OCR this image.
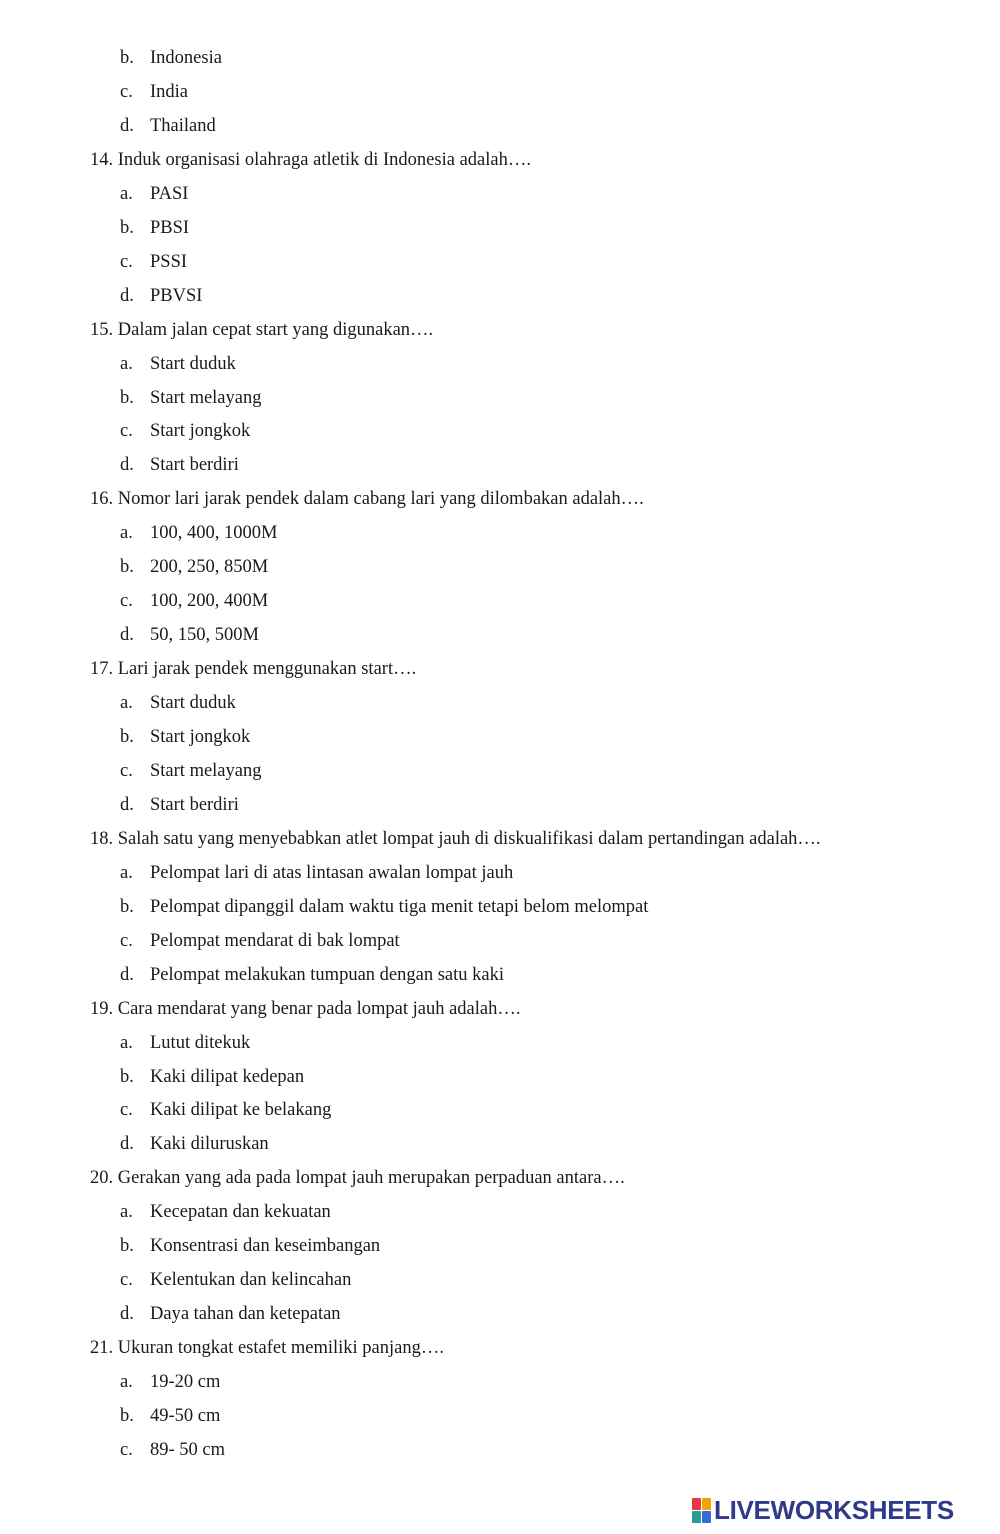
b. Indonesia
c. India
d. Thailand
14. Induk organisasi olahraga atletik di Indonesia adalah….
a. PASI
b. PBSI
c. PSSI
d. PBVSI
15. Dalam jalan cepat start yang digunakan….
a. Start duduk
b. Start melayang
c. Start jongkok
d. Start berdiri
16. Nomor lari jarak pendek dalam cabang lari yang dilombakan adalah….
a. 100, 400, 1000M
b. 200, 250, 850M
c. 100, 200, 400M
d. 50, 150, 500M
17. Lari jarak pendek menggunakan start….
a. Start duduk
b. Start jongkok
c. Start melayang
d. Start berdiri
18. Salah satu yang menyebabkan atlet lompat jauh di diskualifikasi dalam pertandingan adalah….
a. Pelompat lari di atas lintasan awalan lompat jauh
b. Pelompat dipanggil dalam waktu tiga menit tetapi belom melompat
c. Pelompat mendarat di bak lompat
d. Pelompat melakukan tumpuan dengan satu kaki
19. Cara mendarat yang benar pada lompat jauh adalah….
a. Lutut ditekuk
b. Kaki dilipat kedepan
c. Kaki dilipat ke belakang
d. Kaki diluruskan
20. Gerakan yang ada pada lompat jauh merupakan perpaduan antara….
a. Kecepatan dan kekuatan
b. Konsentrasi dan keseimbangan
c. Kelentukan dan kelincahan
d. Daya tahan dan ketepatan
21. Ukuran tongkat estafet memiliki panjang….
a. 19-20 cm
b. 49-50 cm
c. 89- 50 cm
LIVEWORKSHEETS
